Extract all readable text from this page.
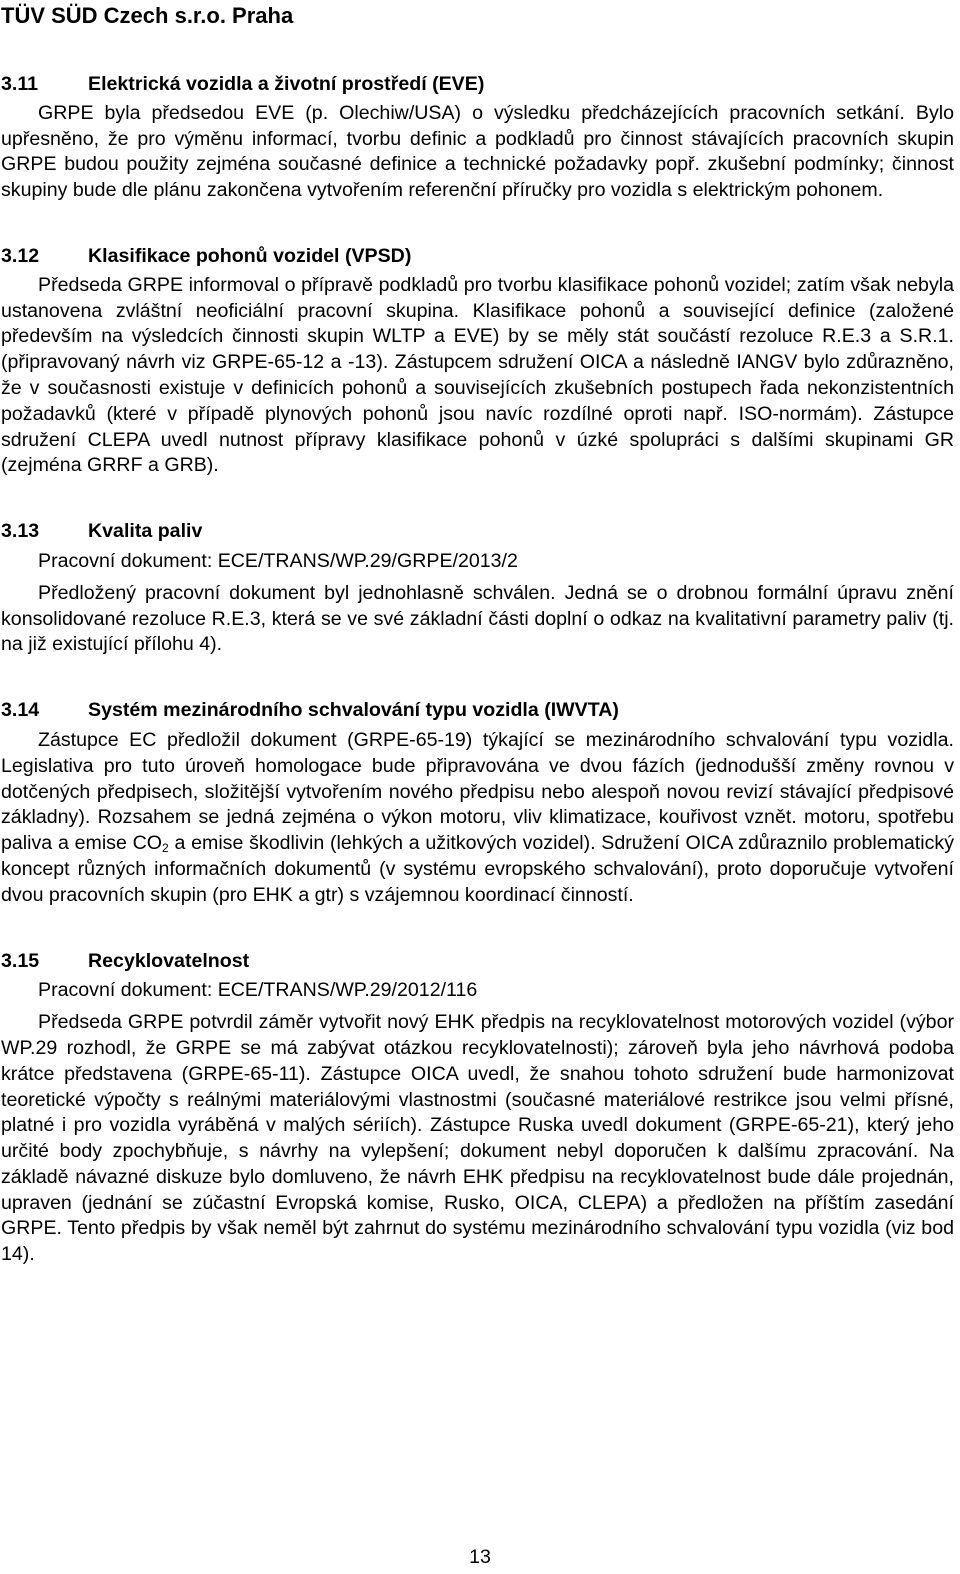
TÜV SÜD Czech s.r.o. Praha
3.11	Elektrická vozidla a životní prostředí (EVE)

GRPE byla předsedou EVE (p. Olechiw/USA) o výsledku předcházejících pracovních setkání. Bylo upřesněno, že pro výměnu informací, tvorbu definic a podkladů pro činnost stávajících pracovních skupin GRPE budou použity zejména současné definice a technické požadavky popř. zkušební podmínky; činnost skupiny bude dle plánu zakončena vytvořením referenční příručky pro vozidla s elektrickým pohonem.

3.12	Klasifikace pohonů vozidel (VPSD)

Předseda GRPE informoval o přípravě podkladů pro tvorbu klasifikace pohonů vozidel; zatím však nebyla ustanovena zvláštní neoficiální pracovní skupina. Klasifikace pohonů a související definice (založené především na výsledcích činnosti skupin WLTP a EVE) by se měly stát součástí rezoluce R.E.3 a S.R.1. (připravovaný návrh viz GRPE-65-12 a -13). Zástupcem sdružení OICA a následně IANGV bylo zdůrazněno, že v současnosti existuje v definicích pohonů a souvisejících zkušebních postupech řada nekonzistentních požadavků (které v případě plynových pohonů jsou navíc rozdílné oproti např. ISO-normám). Zástupce sdružení CLEPA uvedl nutnost přípravy klasifikace pohonů v úzké spolupráci s dalšími skupinami GR (zejména GRRF a GRB).

3.13	Kvalita paliv
Pracovní dokument: ECE/TRANS/WP.29/GRPE/2013/2

Předložený pracovní dokument byl jednohlasně schválen. Jedná se o drobnou formální úpravu znění konsolidované rezoluce R.E.3, která se ve své základní části doplní o odkaz na kvalitativní parametry paliv (tj. na již existující přílohu 4).

3.14	Systém mezinárodního schvalování typu vozidla (IWVTA)

Zástupce EC předložil dokument (GRPE-65-19) týkající se mezinárodního schvalování typu vozidla. Legislativa pro tuto úroveň homologace bude připravována ve dvou fázích (jednodušší změny rovnou v dotčených předpisech, složitější vytvořením nového předpisu nebo alespoň novou revizí stávající předpisové základny). Rozsahem se jedná zejména o výkon motoru, vliv klimatizace, kouřivost vznět. motoru, spotřebu paliva a emise $CO_2$ a emise škodlivin (lehkých a užitkových vozidel). Sdružení OICA zdůraznilo problematický koncept různých informačních dokumentů (v systému evropského schvalování), proto doporučuje vytvoření dvou pracovních skupin (pro EHK a gtr) s vzájemnou koordinací činností.

3.15	Recyklovatelnost
Pracovní dokument: ECE/TRANS/WP.29/2012/116

Předseda GRPE potvrdil záměr vytvořit nový EHK předpis na recyklovatelnost motorových vozidel (výbor WP.29 rozhodl, že GRPE se má zabývat otázkou recyklovatelnosti); zároveň byla jeho návrhová podoba krátce představena (GRPE-65-11). Zástupce OICA uvedl, že snahou tohoto sdružení bude harmonizovat teoretické výpočty s reálnými materiálovými vlastnostmi (současné materiálové restrikce jsou velmi přísné, platné i pro vozidla vyráběná v malých sériích). Zástupce Ruska uvedl dokument (GRPE-65-21), který jeho určité body zpochybňuje, s návrhy na vylepšení; dokument nebyl doporučen k dalšímu zpracování. Na základě návazné diskuze bylo domluveno, že návrh EHK předpisu na recyklovatelnost bude dále projednán, upraven (jednání se zúčastní Evropská komise, Rusko, OICA, CLEPA) a předložen na příštím zasedání GRPE. Tento předpis by však neměl být zahrnut do systému mezinárodního schvalování typu vozidla (viz bod 14).

13
